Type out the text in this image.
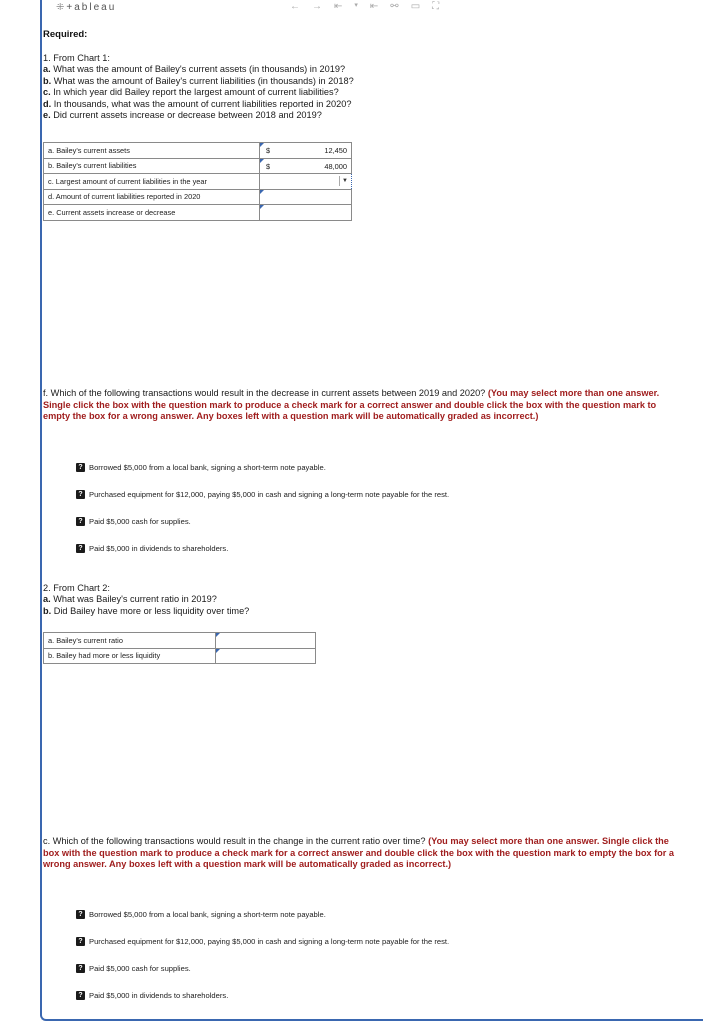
⁜ +ableau	← → ⇤ ▾ ⇤ ⚯ ▭ ⛶
Required:
1. From Chart 1:
a. What was the amount of Bailey's current assets (in thousands) in 2019?
b. What was the amount of Bailey's current liabilities (in thousands) in 2018?
c. In which year did Bailey report the largest amount of current liabilities?
d. In thousands, what was the amount of current liabilities reported in 2020?
e. Did current assets increase or decrease between 2018 and 2019?
a. Bailey's current assets	$ 12,450

b. Bailey's current liabilities	$ 48,000

c. Largest amount of current liabilities in the year	▼

d. Amount of current liabilities reported in 2020	

e. Current assets increase or decrease	
f. Which of the following transactions would result in the decrease in current assets between 2019 and 2020? (You may select more than one answer. Single click the box with the question mark to produce a check mark for a correct answer and double click the box with the question mark to empty the box for a wrong answer. Any boxes left with a question mark will be automatically graded as incorrect.)
? Borrowed $5,000 from a local bank, signing a short-term note payable.
? Purchased equipment for $12,000, paying $5,000 in cash and signing a long-term note payable for the rest.
? Paid $5,000 cash for supplies.
? Paid $5,000 in dividends to shareholders.
2. From Chart 2:
a. What was Bailey's current ratio in 2019?
b. Did Bailey have more or less liquidity over time?
a. Bailey's current ratio	

b. Bailey had more or less liquidity	
c. Which of the following transactions would result in the change in the current ratio over time? (You may select more than one answer. Single click the box with the question mark to produce a check mark for a correct answer and double click the box with the question mark to empty the box for a wrong answer. Any boxes left with a question mark will be automatically graded as incorrect.)
? Borrowed $5,000 from a local bank, signing a short-term note payable.
? Purchased equipment for $12,000, paying $5,000 in cash and signing a long-term note payable for the rest.
? Paid $5,000 cash for supplies.
? Paid $5,000 in dividends to shareholders.
